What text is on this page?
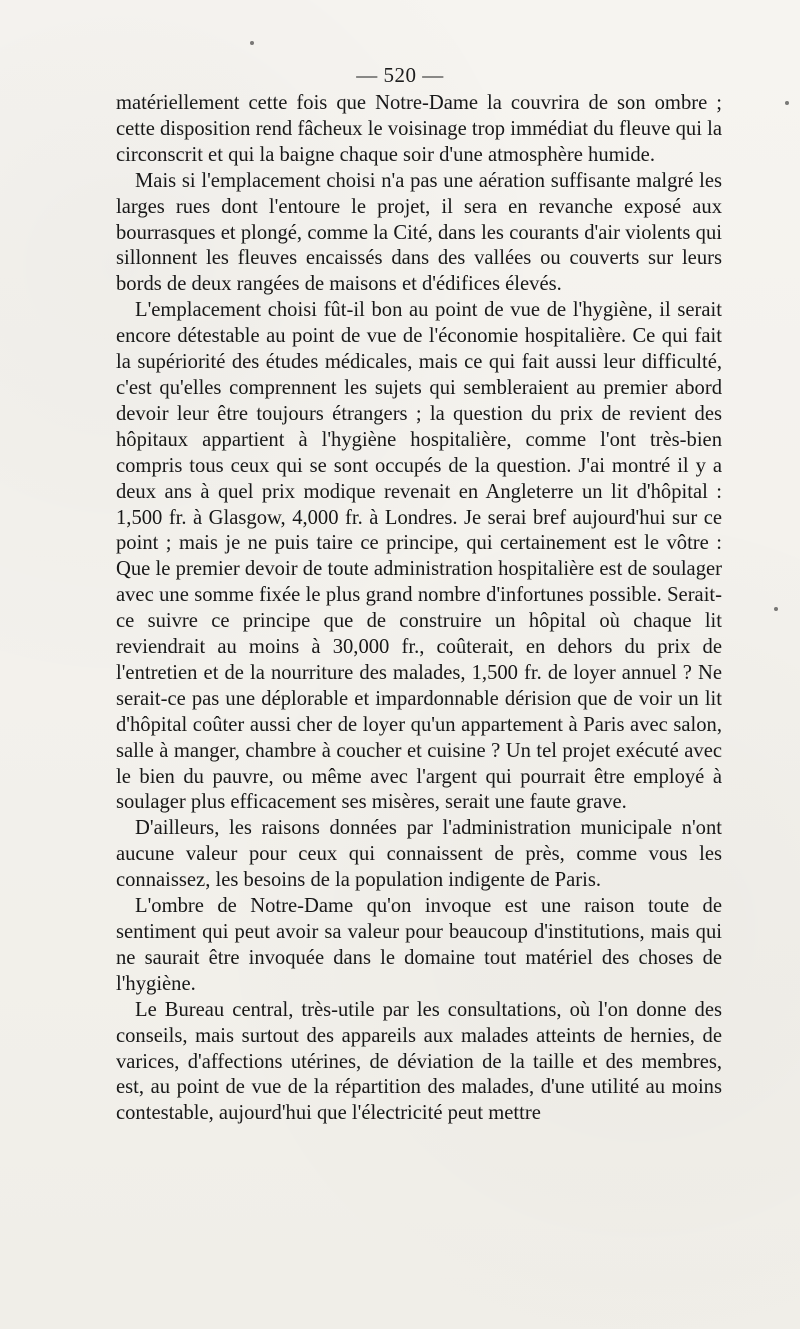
— 520 —

matériellement cette fois que Notre-Dame la couvrira de son ombre ; cette disposition rend fâcheux le voisinage trop immédiat du fleuve qui la circonscrit et qui la baigne chaque soir d'une atmosphère humide.

Mais si l'emplacement choisi n'a pas une aération suffisante malgré les larges rues dont l'entoure le projet, il sera en revanche exposé aux bourrasques et plongé, comme la Cité, dans les courants d'air violents qui sillonnent les fleuves encaissés dans des vallées ou couverts sur leurs bords de deux rangées de maisons et d'édifices élevés.

L'emplacement choisi fût-il bon au point de vue de l'hygiène, il serait encore détestable au point de vue de l'économie hospitalière. Ce qui fait la supériorité des études médicales, mais ce qui fait aussi leur difficulté, c'est qu'elles comprennent les sujets qui sembleraient au premier abord devoir leur être toujours étrangers ; la question du prix de revient des hôpitaux appartient à l'hygiène hospitalière, comme l'ont très-bien compris tous ceux qui se sont occupés de la question. J'ai montré il y a deux ans à quel prix modique revenait en Angleterre un lit d'hôpital : 1,500 fr. à Glasgow, 4,000 fr. à Londres. Je serai bref aujourd'hui sur ce point ; mais je ne puis taire ce principe, qui certainement est le vôtre : Que le premier devoir de toute administration hospitalière est de soulager avec une somme fixée le plus grand nombre d'infortunes possible. Serait-ce suivre ce principe que de construire un hôpital où chaque lit reviendrait au moins à 30,000 fr., coûterait, en dehors du prix de l'entretien et de la nourriture des malades, 1,500 fr. de loyer annuel ? Ne serait-ce pas une déplorable et impardonnable dérision que de voir un lit d'hôpital coûter aussi cher de loyer qu'un appartement à Paris avec salon, salle à manger, chambre à coucher et cuisine ? Un tel projet exécuté avec le bien du pauvre, ou même avec l'argent qui pourrait être employé à soulager plus efficacement ses misères, serait une faute grave.

D'ailleurs, les raisons données par l'administration municipale n'ont aucune valeur pour ceux qui connaissent de près, comme vous les connaissez, les besoins de la population indigente de Paris.

L'ombre de Notre-Dame qu'on invoque est une raison toute de sentiment qui peut avoir sa valeur pour beaucoup d'institutions, mais qui ne saurait être invoquée dans le domaine tout matériel des choses de l'hygiène.

Le Bureau central, très-utile par les consultations, où l'on donne des conseils, mais surtout des appareils aux malades atteints de hernies, de varices, d'affections utérines, de déviation de la taille et des membres, est, au point de vue de la répartition des malades, d'une utilité au moins contestable, aujourd'hui que l'électricité peut mettre
